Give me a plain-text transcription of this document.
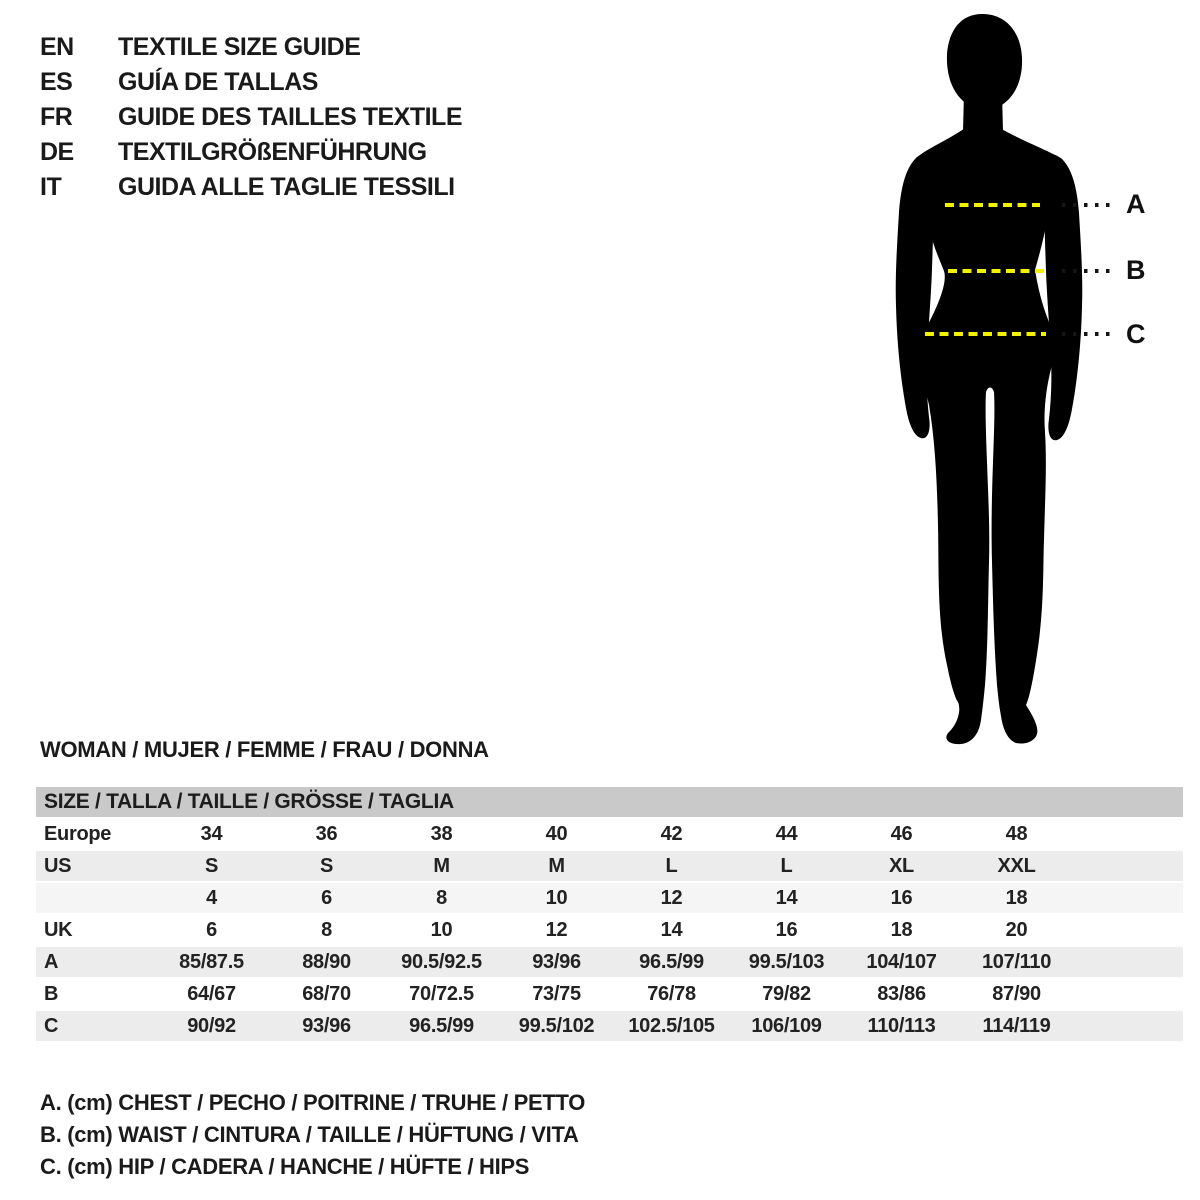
EN	TEXTILE SIZE GUIDE
ES	GUÍA DE TALLAS
FR	GUIDE DES TAILLES TEXTILE
DE	TEXTILGRÖßENFÜHRUNG
IT	GUIDA ALLE TAGLIE TESSILI
A
B
C
WOMAN / MUJER / FEMME / FRAU / DONNA
SIZE / TALLA / TAILLE / GRÖSSE / TAGLIA									
Europe	34	36	38	40	42	44	46	48	
US	S	S	M	M	L	L	XL	XXL	
	4	6	8	10	12	14	16	18	
UK	6	8	10	12	14	16	18	20	
A	85/87.5	88/90	90.5/92.5	93/96	96.5/99	99.5/103	104/107	107/110	
B	64/67	68/70	70/72.5	73/75	76/78	79/82	83/86	87/90	
C	90/92	93/96	96.5/99	99.5/102	102.5/105	106/109	110/113	114/119	
A. (cm) CHEST / PECHO / POITRINE / TRUHE / PETTO
B. (cm) WAIST / CINTURA / TAILLE / HÜFTUNG / VITA
C. (cm) HIP / CADERA / HANCHE / HÜFTE / HIPS
